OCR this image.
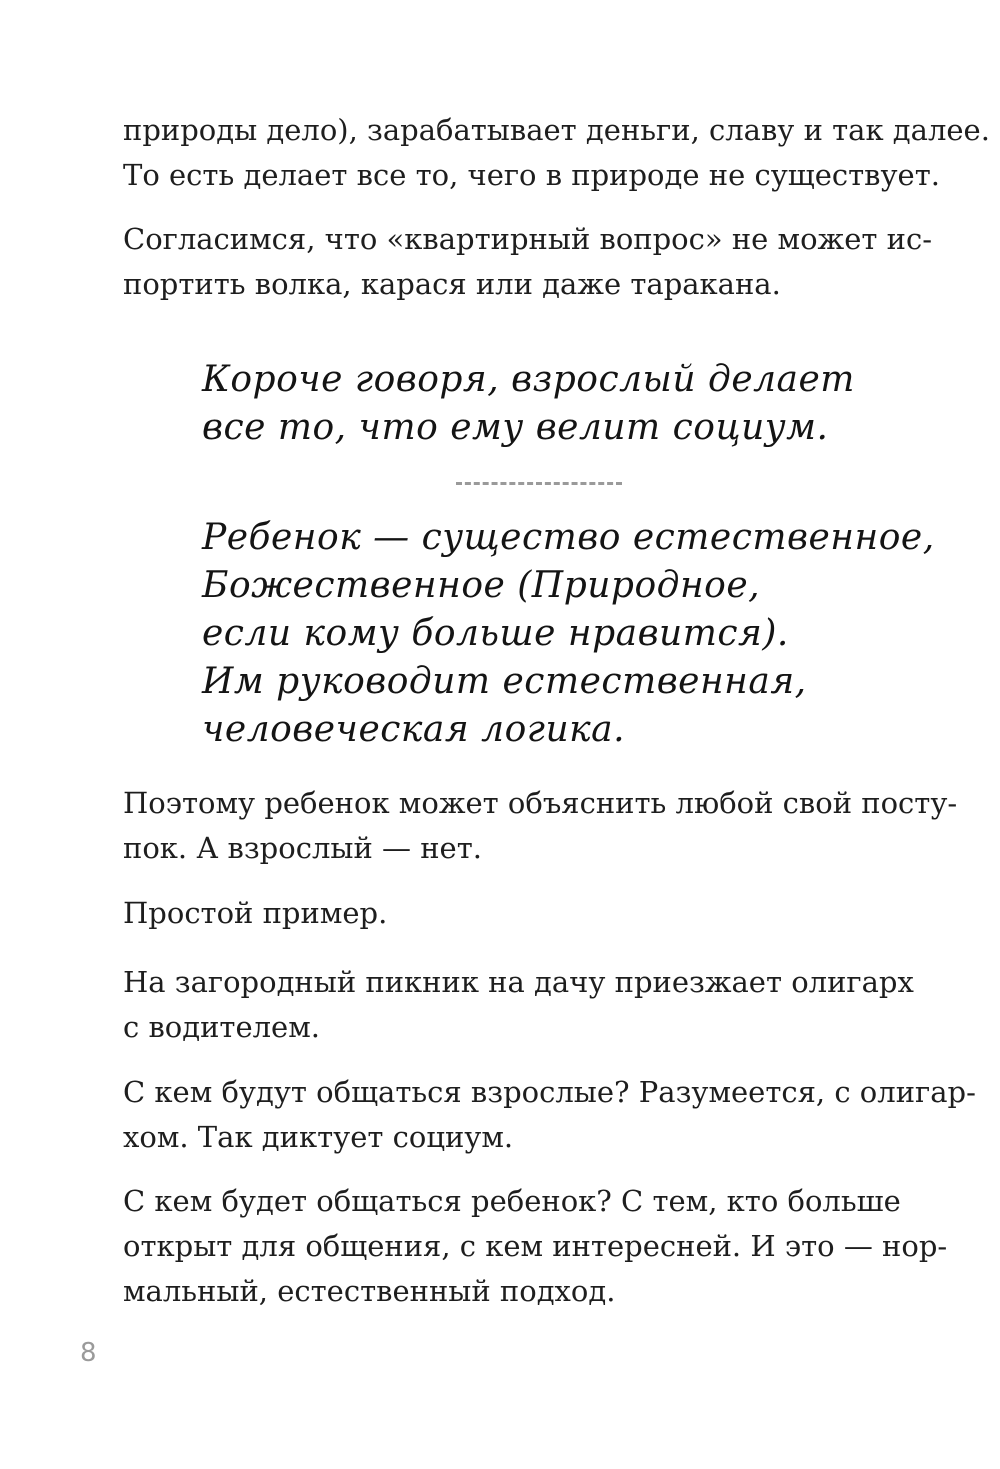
природы дело), зарабатывает деньги, славу и так далее.
То есть делает все то, чего в природе не существует.

Согласимся, что «квартирный вопрос» не может ис-
портить волка, карася или даже таракана.

Короче говоря, взрослый делает
все то, что ему велит социум.
Ребенок — существо естественное,
Божественное (Природное,
если кому больше нравится).
Им руководит естественная,
человеческая логика.

Поэтому ребенок может объяснить любой свой посту-
пок. А взрослый — нет.

Простой пример.

На загородный пикник на дачу приезжает олигарх
с водителем.

С кем будут общаться взрослые? Разумеется, с олигар-
хом. Так диктует социум.

С кем будет общаться ребенок? С тем, кто больше
открыт для общения, с кем интересней. И это — нор-
мальный, естественный подход.

8
